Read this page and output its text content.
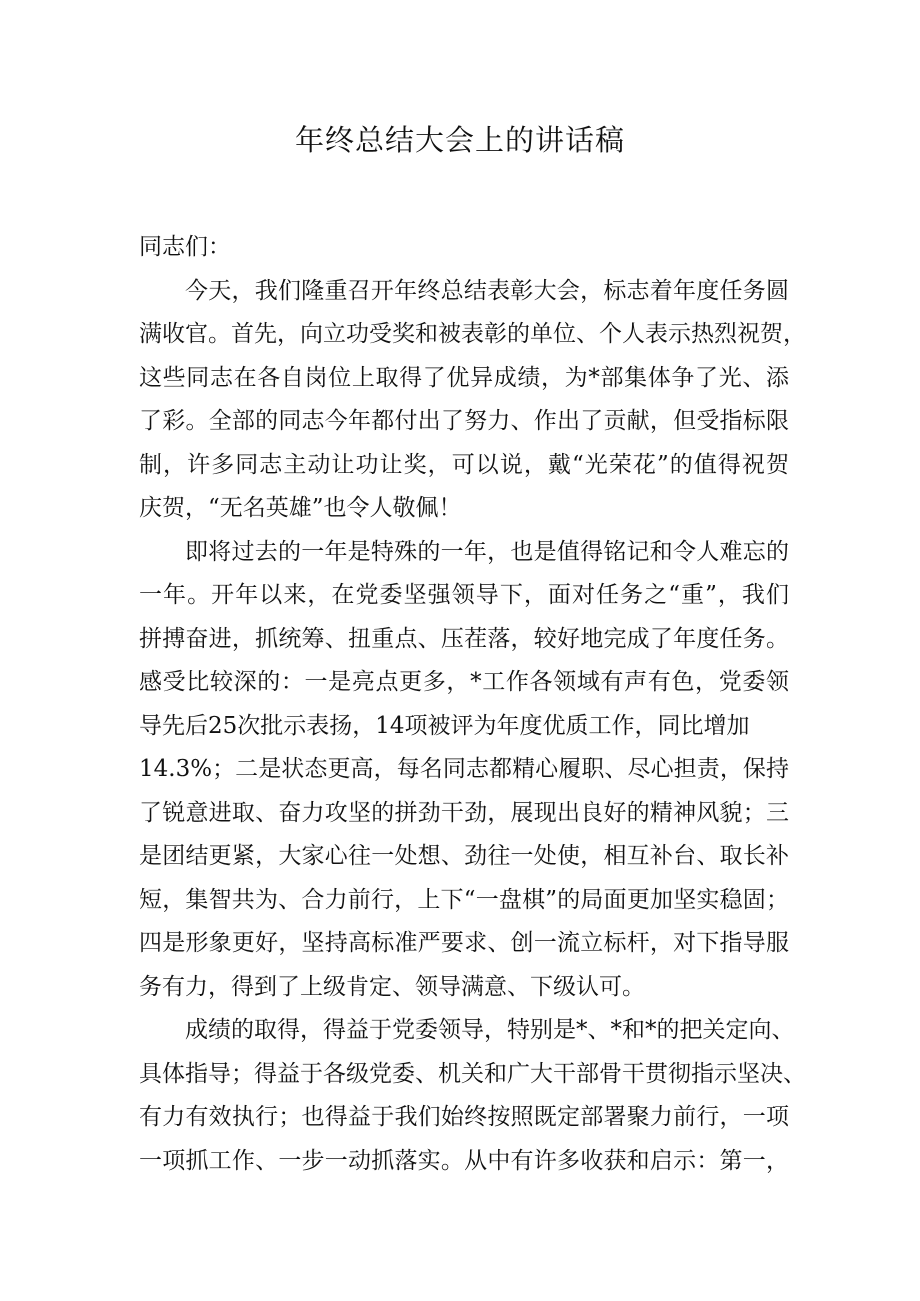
年终总结大会上的讲话稿
同志们：
今天，我们隆重召开年终总结表彰大会，标志着年度任务圆
满收官。首先，向立功受奖和被表彰的单位、个人表示热烈祝贺，
这些同志在各自岗位上取得了优异成绩，为*部集体争了光、添
了彩。全部的同志今年都付出了努力、作出了贡献，但受指标限
制，许多同志主动让功让奖，可以说，戴“光荣花”的值得祝贺
庆贺，“无名英雄”也令人敬佩！
即将过去的一年是特殊的一年，也是值得铭记和令人难忘的
一年。开年以来，在党委坚强领导下，面对任务之“重”，我们
拼搏奋进，抓统筹、扭重点、压茬落，较好地完成了年度任务。
感受比较深的：一是亮点更多，*工作各领域有声有色，党委领
导先后25次批示表扬，14项被评为年度优质工作，同比增加
14.3%；二是状态更高，每名同志都精心履职、尽心担责，保持
了锐意进取、奋力攻坚的拼劲干劲，展现出良好的精神风貌；三
是团结更紧，大家心往一处想、劲往一处使，相互补台、取长补
短，集智共为、合力前行，上下“一盘棋”的局面更加坚实稳固；
四是形象更好，坚持高标准严要求、创一流立标杆，对下指导服
务有力，得到了上级肯定、领导满意、下级认可。
成绩的取得，得益于党委领导，特别是*、*和*的把关定向、
具体指导；得益于各级党委、机关和广大干部骨干贯彻指示坚决、
有力有效执行；也得益于我们始终按照既定部署聚力前行，一项
一项抓工作、一步一动抓落实。从中有许多收获和启示：第一，
